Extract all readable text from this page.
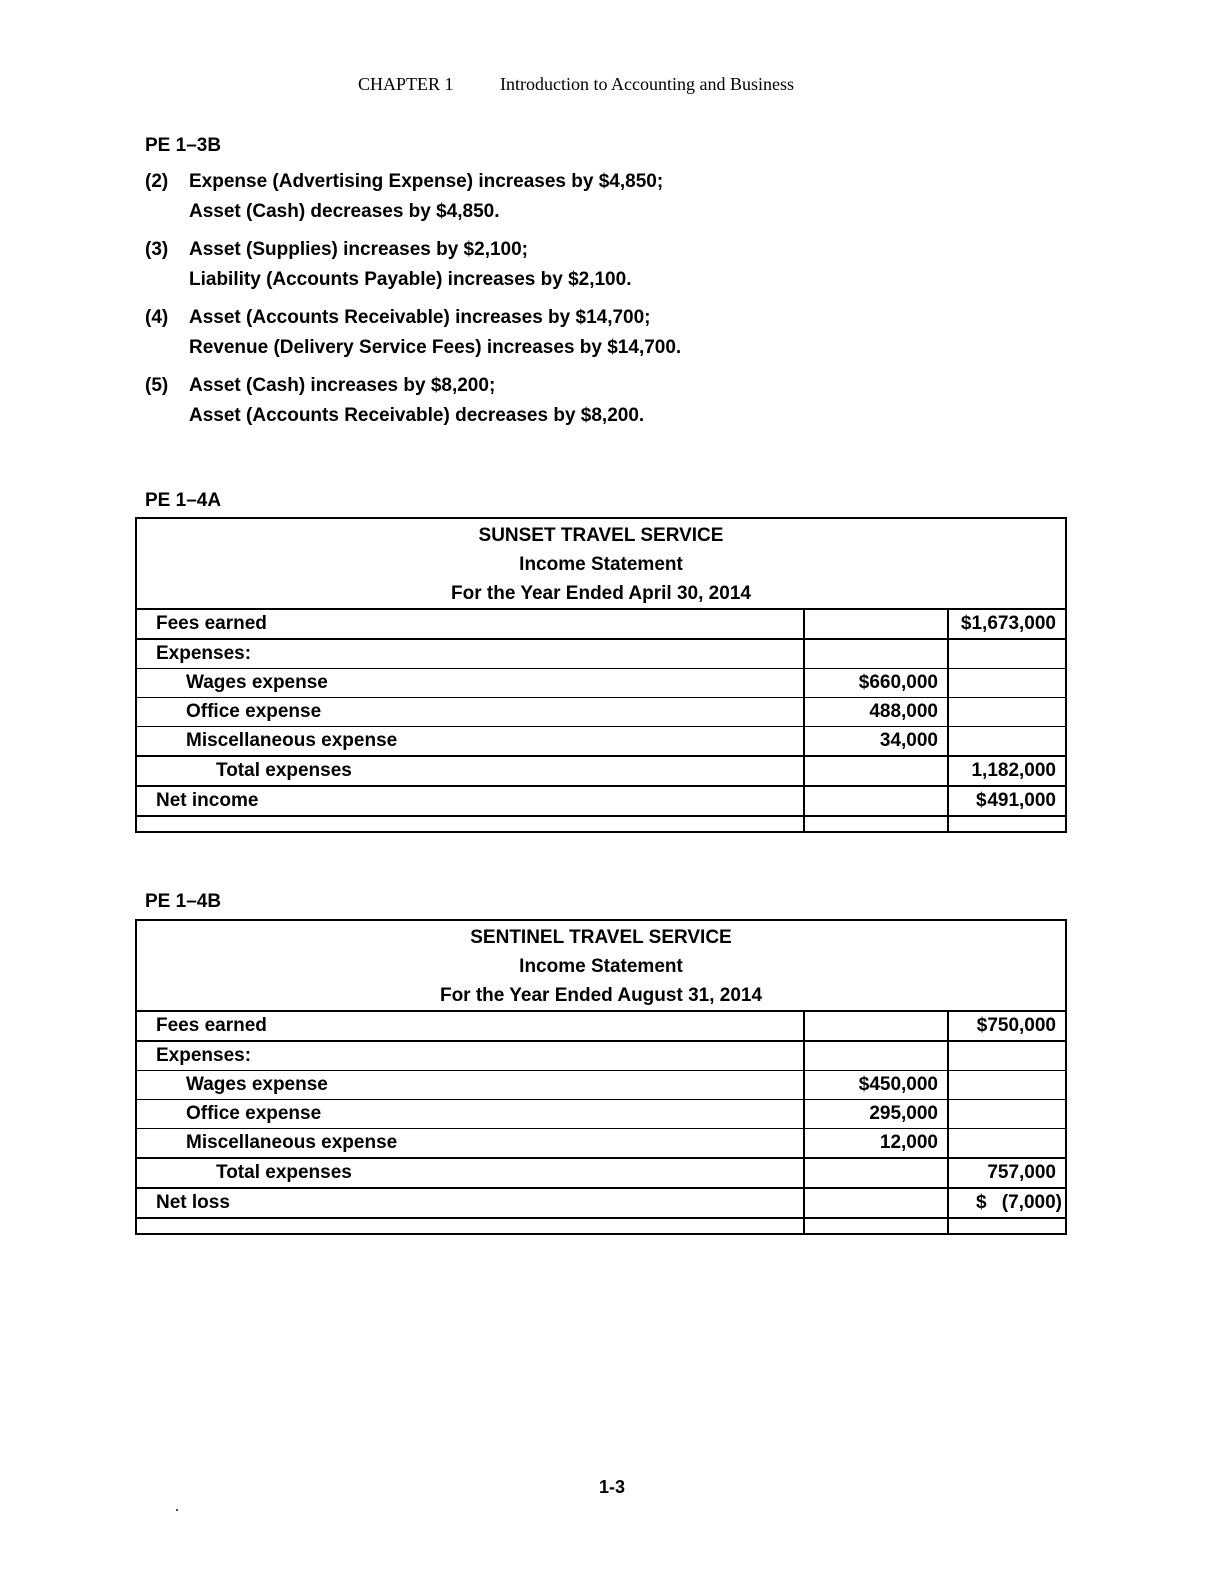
CHAPTER 1	Introduction to Accounting and Business
PE 1–3B
(2) Expense (Advertising Expense) increases by $4,850;
Asset (Cash) decreases by $4,850.
(3) Asset (Supplies) increases by $2,100;
Liability (Accounts Payable) increases by $2,100.
(4) Asset (Accounts Receivable) increases by $14,700;
Revenue (Delivery Service Fees) increases by $14,700.
(5) Asset (Cash) increases by $8,200;
Asset (Accounts Receivable) decreases by $8,200.
PE 1–4A
SUNSET TRAVEL SERVICE
Income Statement
For the Year Ended April 30, 2014
Fees earned		$1,673,000
Expenses:		
Wages expense	$660,000	
Office expense	488,000	
Miscellaneous expense	34,000	
Total expenses		1,182,000
Net income		$ 491,000

PE 1–4B
SENTINEL TRAVEL SERVICE
Income Statement
For the Year Ended August 31, 2014
Fees earned		$750,000
Expenses:		
Wages expense	$450,000	
Office expense	295,000	
Miscellaneous expense	12,000	
Total expenses		757,000
Net loss		$ (7,000)

1-3
